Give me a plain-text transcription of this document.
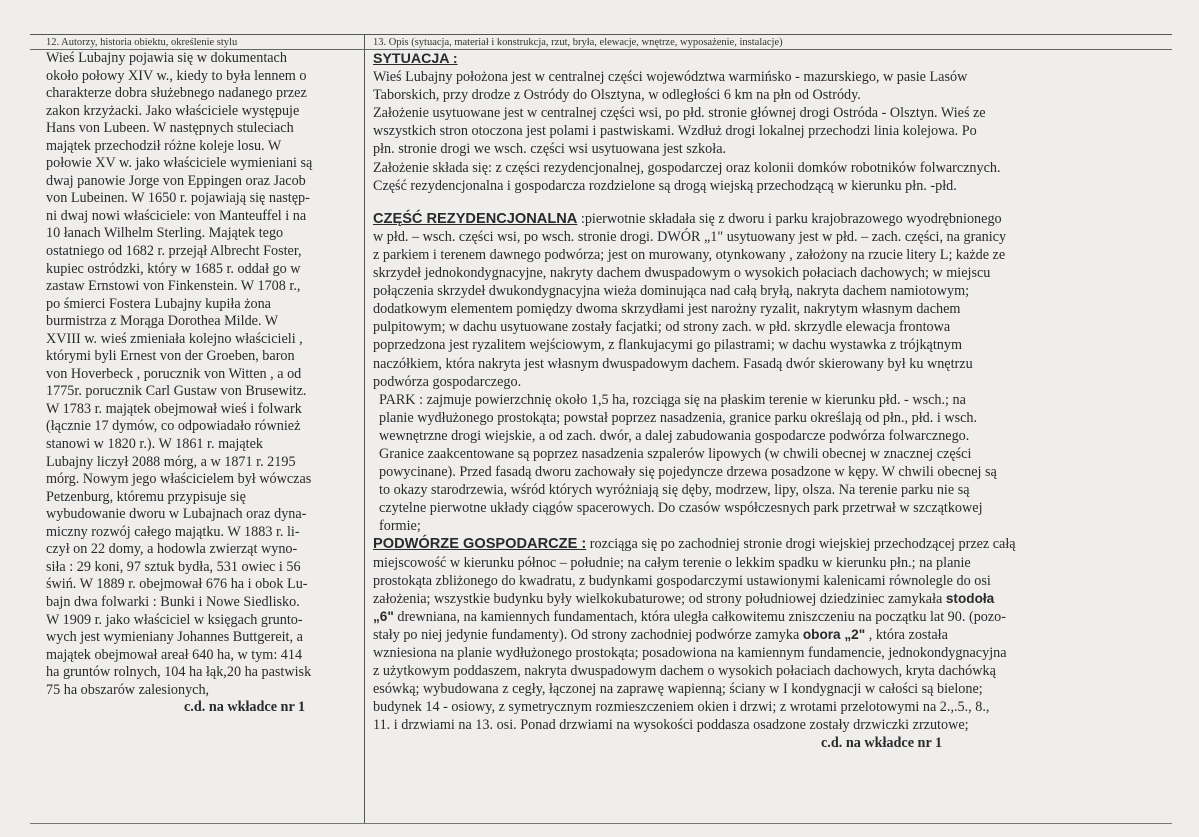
12. Autorzy, historia obiektu, określenie stylu	13. Opis (sytuacja, materiał i konstrukcja, rzut, bryła, elewacje, wnętrze, wyposażenie, instalacje)

Wieś Lubajny pojawia się w dokumentach

około połowy XIV w., kiedy to była lennem o

charakterze dobra służebnego nadanego przez

zakon krzyżacki. Jako właściciele występuje

Hans von Lubeen. W następnych stuleciach

majątek przechodził różne koleje losu. W

połowie XV w. jako właściciele wymieniani są

dwaj panowie Jorge von Eppingen oraz Jacob

von Lubeinen. W 1650 r. pojawiają się następ-

ni dwaj nowi właściciele: von Manteuffel i na

10 łanach Wilhelm Sterling. Majątek tego

ostatniego od 1682 r. przejął Albrecht Foster,

kupiec ostródzki, który w 1685 r. oddał go w

zastaw Ernstowi von Finkenstein. W 1708 r.,

po śmierci Fostera Lubajny kupiła żona

burmistrza z Morąga Dorothea Milde. W

XVIII w. wieś zmieniała kolejno właścicieli ,

którymi byli Ernest von der Groeben, baron

von Hoverbeck , porucznik von Witten , a od

1775r. porucznik Carl Gustaw von Brusewitz.

W 1783 r. majątek obejmował wieś i folwark

(łącznie 17 dymów, co odpowiadało również

stanowi w 1820 r.). W 1861 r. majątek

Lubajny liczył 2088 mórg, a w 1871 r. 2195

mórg. Nowym jego właścicielem był wówczas

Petzenburg, któremu przypisuje się

wybudowanie dworu w Lubajnach oraz dyna-

miczny rozwój całego majątku. W 1883 r. li-

czył on 22 domy, a hodowla zwierząt wyno-

siła : 29 koni, 97 sztuk bydła, 531 owiec i 56

świń. W 1889 r. obejmował 676 ha i obok Lu-

bajn dwa folwarki : Bunki i Nowe Siedlisko.

W 1909 r. jako właściciel w księgach grunto-

wych jest wymieniany Johannes Buttgereit, a

majątek obejmował areał 640 ha, w tym: 414

ha gruntów rolnych, 104 ha łąk,20 ha pastwisk

75 ha obszarów zalesionych,

c.d. na wkładce nr 1

SYTUACJA :

Wieś Lubajny położona jest w centralnej części województwa warmińsko - mazurskiego, w pasie Lasów

Taborskich, przy drodze z Ostródy do Olsztyna, w odległości 6 km na płn od Ostródy.

Założenie usytuowane jest w centralnej części wsi, po płd. stronie głównej drogi Ostróda - Olsztyn. Wieś ze

wszystkich stron otoczona jest polami i pastwiskami. Wzdłuż drogi lokalnej przechodzi linia kolejowa. Po

płn. stronie drogi we wsch. części wsi usytuowana jest szkoła.

Założenie składa się: z części rezydencjonalnej, gospodarczej oraz kolonii domków robotników folwarcznych.

Część rezydencjonalna i gospodarcza rozdzielone są drogą wiejską przechodzącą w kierunku płn. -płd.

CZĘŚĆ REZYDENCJONALNA :pierwotnie składała się z dworu i parku krajobrazowego wyodrębnionego

w płd. – wsch. części wsi, po wsch. stronie drogi. DWÓR „1" usytuowany jest w płd. – zach. części, na granicy

z parkiem i terenem dawnego podwórza; jest on murowany, otynkowany , założony na rzucie litery L; każde ze

skrzydeł jednokondygnacyjne, nakryty dachem dwuspadowym o wysokich połaciach dachowych; w miejscu

połączenia skrzydeł dwukondygnacyjna wieża dominująca nad całą bryłą, nakryta dachem namiotowym;

dodatkowym elementem pomiędzy dwoma skrzydłami jest narożny ryzalit, nakrytym własnym dachem

pulpitowym; w dachu usytuowane zostały facjatki; od strony zach. w płd. skrzydle elewacja frontowa

poprzedzona jest ryzalitem wejściowym, z flankujacymi go pilastrami; w dachu wystawka z trójkątnym

naczółkiem, która nakryta jest własnym dwuspadowym dachem. Fasadą dwór skierowany był ku wnętrzu

podwórza gospodarczego.

PARK : zajmuje powierzchnię około 1,5 ha, rozciąga się na płaskim terenie w kierunku płd. - wsch.; na

planie wydłużonego prostokąta; powstał poprzez nasadzenia, granice parku określają od płn., płd. i wsch.

wewnętrzne drogi wiejskie, a od zach. dwór, a dalej zabudowania gospodarcze podwórza folwarcznego.

Granice zaakcentowane są poprzez nasadzenia szpalerów lipowych (w chwili obecnej w znacznej części

powycinane). Przed fasadą dworu zachowały się pojedyncze drzewa posadzone w kępy. W chwili obecnej są

to okazy starodrzewia, wśród których wyróżniają się dęby, modrzew, lipy, olsza. Na terenie parku nie są

czytelne pierwotne układy ciągów spacerowych. Do czasów współczesnych park przetrwał w szczątkowej

formie;

PODWÓRZE GOSPODARCZE : rozciąga się po zachodniej stronie drogi wiejskiej przechodzącej przez całą

miejscowość w kierunku północ – południe; na całym terenie o lekkim spadku w kierunku płn.; na planie

prostokąta zbliżonego do kwadratu, z budynkami gospodarczymi ustawionymi kalenicami równolegle do osi

założenia; wszystkie budynku były wielkokubaturowe; od strony południowej dziedziniec zamykała stodoła

„6" drewniana, na kamiennych fundamentach, która uległa całkowitemu zniszczeniu na początku lat 90. (pozo-

stały po niej jedynie fundamenty). Od strony zachodniej podwórze zamyka obora „2" , która została

wzniesiona na planie wydłużonego prostokąta; posadowiona na kamiennym fundamencie, jednokondygnacyjna

z użytkowym poddaszem, nakryta dwuspadowym dachem o wysokich połaciach dachowych, kryta dachówką

esówką; wybudowana z cegły, łączonej na zaprawę wapienną; ściany w I kondygnacji w całości są bielone;

budynek 14 - osiowy, z symetrycznym rozmieszczeniem okien i drzwi; z wrotami przelotowymi na 2.,.5., 8.,

11. i drzwiami na 13. osi. Ponad drzwiami na wysokości poddasza osadzone zostały drzwiczki zrzutowe;

c.d. na wkładce nr 1
